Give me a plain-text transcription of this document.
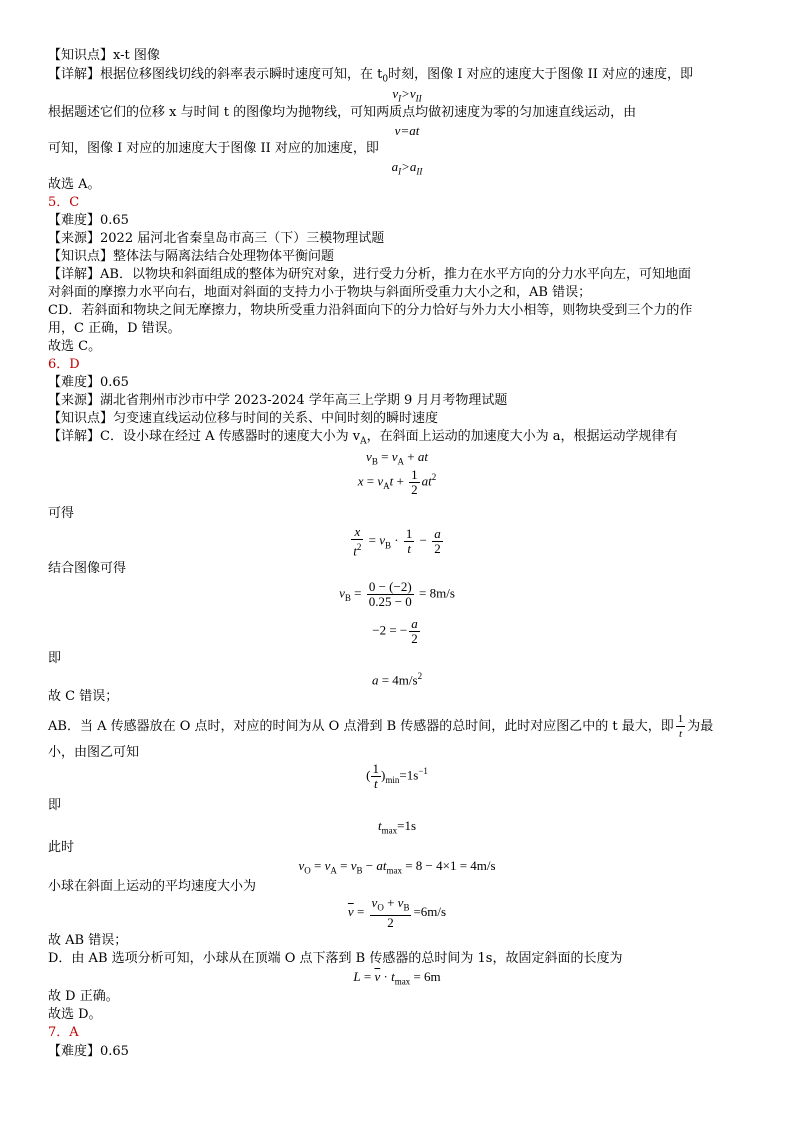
【知识点】x-t 图像
【详解】根据位移图线切线的斜率表示瞬时速度可知，在 $t_0$时刻，图像 I 对应的速度大于图像 II 对应的速度，即
$v_I>v_{II}$
根据题述它们的位移 x 与时间 t 的图像均为抛物线，可知两质点均做初速度为零的匀加速直线运动，由
v=at
可知，图像 I 对应的加速度大于图像 II 对应的加速度，即
$a_I>a_{II}$
故选 A。
5．C
【难度】0.65
【来源】2022 届河北省秦皇岛市高三（下）三模物理试题
【知识点】整体法与隔离法结合处理物体平衡问题
【详解】AB．以物块和斜面组成的整体为研究对象，进行受力分析，推力在水平方向的分力水平向左，可知地面
对斜面的摩擦力水平向右，地面对斜面的支持力小于物块与斜面所受重力大小之和，AB 错误；
CD．若斜面和物块之间无摩擦力，物块所受重力沿斜面向下的分力恰好与外力大小相等，则物块受到三个力的作
用，C 正确，D 错误。
故选 C。
6．D
【难度】0.65
【来源】湖北省荆州市沙市中学 2023-2024 学年高三上学期 9 月月考物理试题
【知识点】匀变速直线运动位移与时间的关系、中间时刻的瞬时速度
【详解】C．设小球在经过 A 传感器时的速度大小为 $v_A$，在斜面上运动的加速度大小为 a，根据运动学规律有
$v_B = v_A$ + at
$x = v_At + \frac{1}{2} at^2$
可得
$\frac{x}{t^2} = v_B \cdot \frac{1}{t} - \frac{a}{2}$
结合图像可得
$v_B = \frac{0 - (-2)}{0.25 - 0} = 8m/s$
−2 = − $\frac{a}{2}$
即
$a = 4m/s^2$
故 C 错误；
AB．当 A 传感器放在 O 点时，对应的时间为从 O 点滑到 B 传感器的总时间，此时对应图乙中的 t 最大，即 $\frac{1}{t}$ 为最
小，由图乙可知
( $\frac{1}{t} )_{min}=1s^{-1}$
即
$t_{max}=1s$
此时
$v_O = v_A = v_B - at_{max} = 8 - 4\times 1 = 4m/s$
小球在斜面上运动的平均速度大小为
$\overline{v} = \frac{v_O + v_B}{2} =6m/s$
故 AB 错误；
D．由 AB 选项分析可知，小球从在顶端 O 点下落到 B 传感器的总时间为 1s，故固定斜面的长度为
$L = \overline{v} \cdot t_{max} = 6m$
故 D 正确。
故选 D。
7．A
【难度】0.65
